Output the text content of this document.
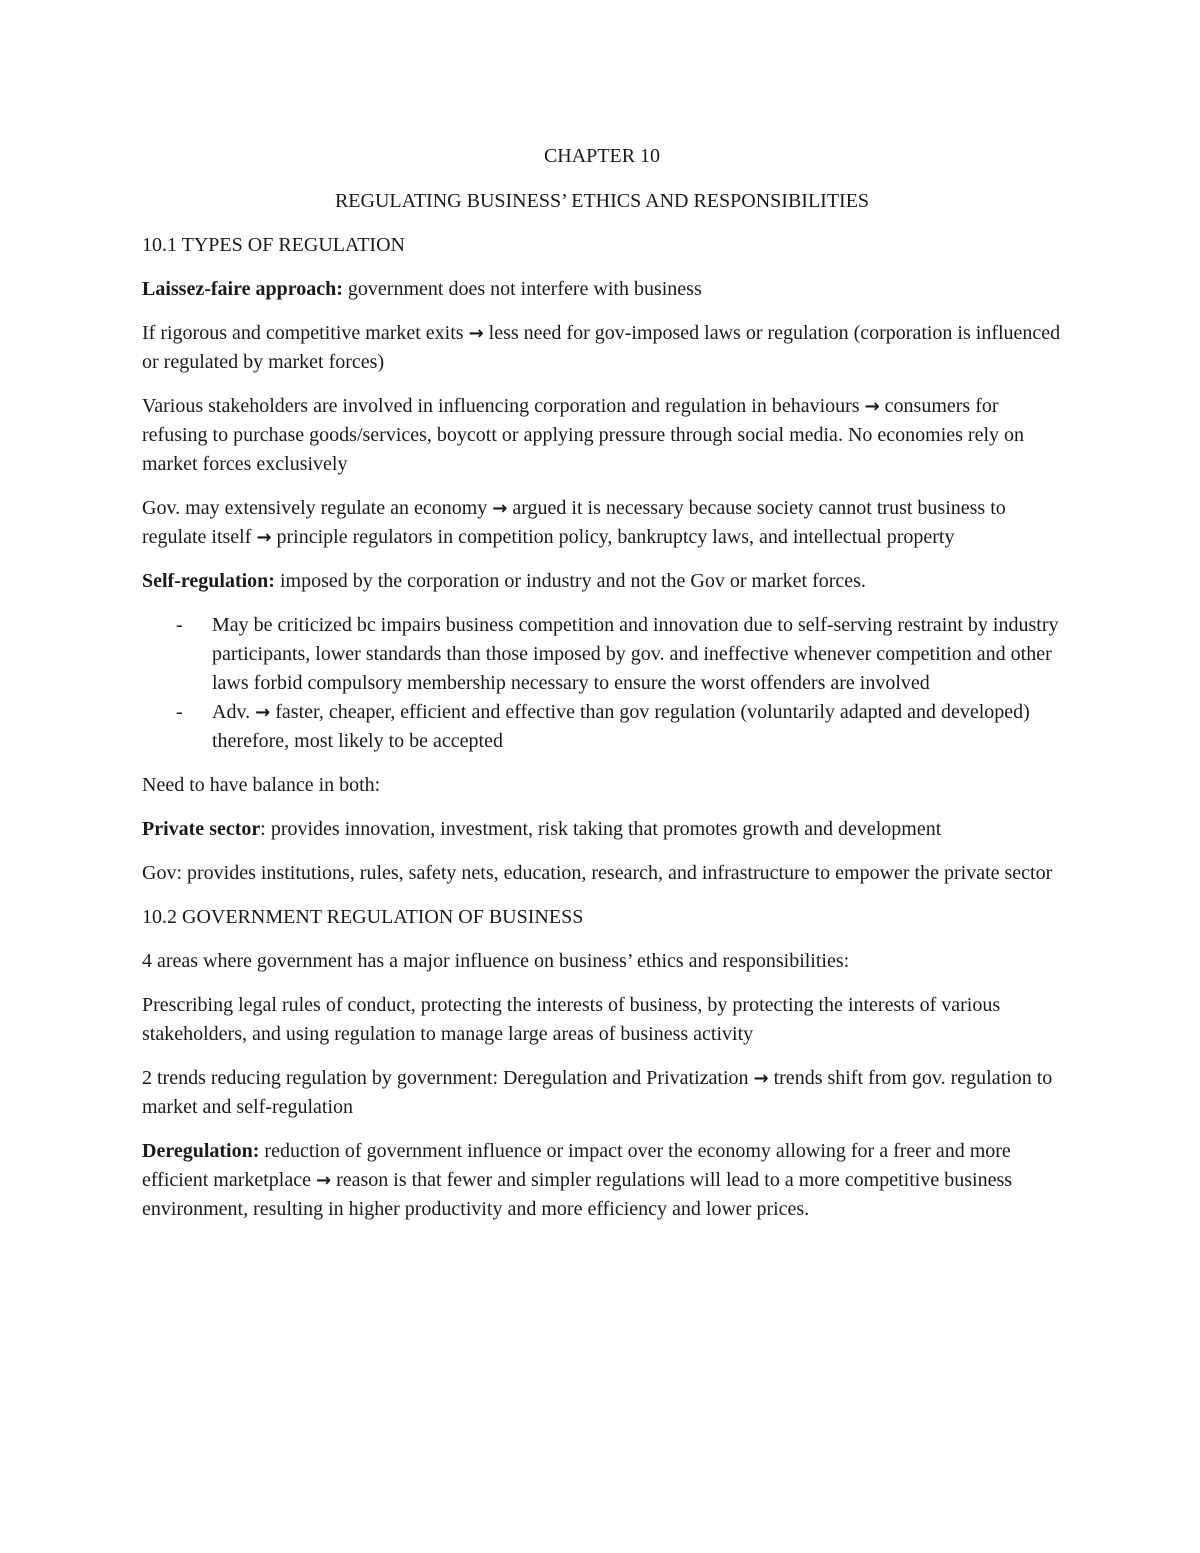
CHAPTER 10

REGULATING BUSINESS’ ETHICS AND RESPONSIBILITIES

10.1 TYPES OF REGULATION

Laissez-faire approach: government does not interfere with business

If rigorous and competitive market exits → less need for gov-imposed laws or regulation (corporation is influenced or regulated by market forces)

Various stakeholders are involved in influencing corporation and regulation in behaviours → consumers for refusing to purchase goods/services, boycott or applying pressure through social media. No economies rely on market forces exclusively

Gov. may extensively regulate an economy → argued it is necessary because society cannot trust business to regulate itself → principle regulators in competition policy, bankruptcy laws, and intellectual property

Self-regulation: imposed by the corporation or industry and not the Gov or market forces.

- May be criticized bc impairs business competition and innovation due to self-serving restraint by industry participants, lower standards than those imposed by gov. and ineffective whenever competition and other laws forbid compulsory membership necessary to ensure the worst offenders are involved
- Adv. → faster, cheaper, efficient and effective than gov regulation (voluntarily adapted and developed) therefore, most likely to be accepted

Need to have balance in both:

Private sector: provides innovation, investment, risk taking that promotes growth and development

Gov: provides institutions, rules, safety nets, education, research, and infrastructure to empower the private sector

10.2 GOVERNMENT REGULATION OF BUSINESS

4 areas where government has a major influence on business’ ethics and responsibilities:

Prescribing legal rules of conduct, protecting the interests of business, by protecting the interests of various stakeholders, and using regulation to manage large areas of business activity

2 trends reducing regulation by government: Deregulation and Privatization → trends shift from gov. regulation to market and self-regulation

Deregulation: reduction of government influence or impact over the economy allowing for a freer and more efficient marketplace → reason is that fewer and simpler regulations will lead to a more competitive business environment, resulting in higher productivity and more efficiency and lower prices.
